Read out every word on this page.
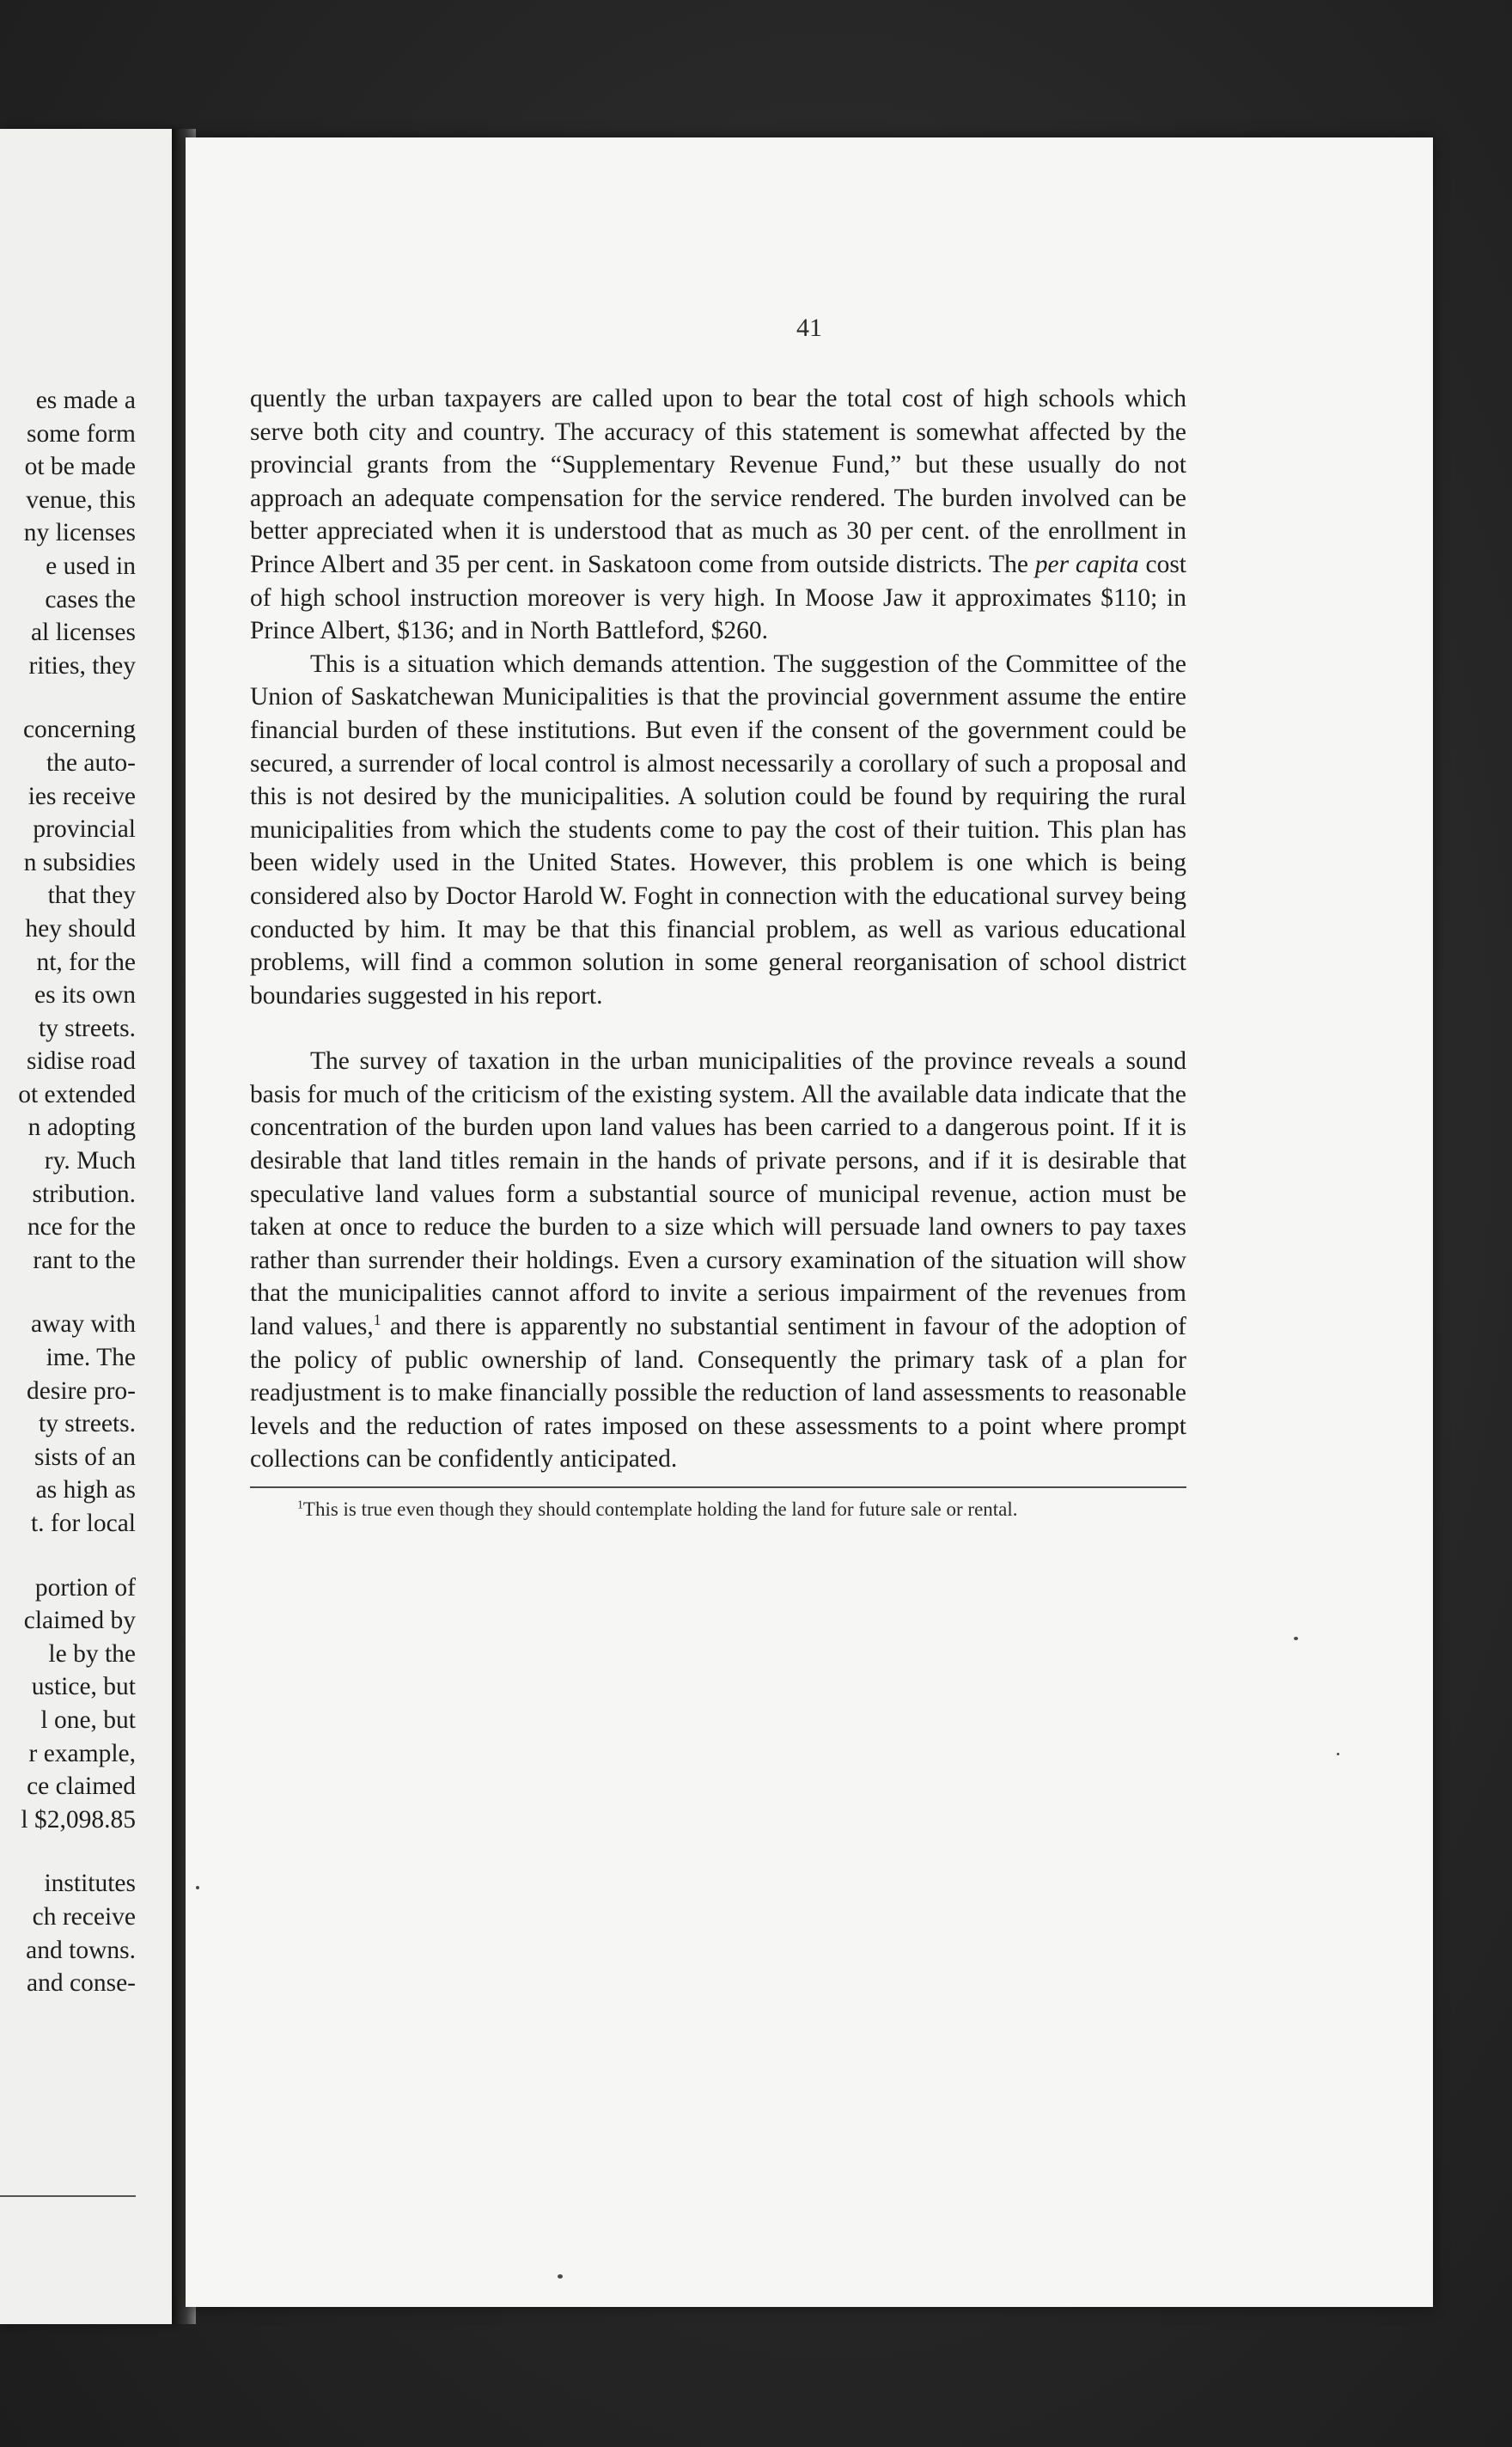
es made a
some form
ot be made
venue, this
ny licenses
e used in
cases the
al licenses
rities, they
concerning
the auto-
ies receive
provincial
n subsidies
that they
hey should
nt, for the
es its own
ty streets.
sidise road
ot extended
n adopting
ry. Much
stribution.
nce for the
rant to the
away with
ime. The
desire pro-
ty streets.
sists of an
as high as
t. for local
portion of
claimed by
le by the
ustice, but
l one, but
r example,
ce claimed
l $2,098.85
institutes
ch receive
and towns.
and conse-
41

quently the urban taxpayers are called upon to bear the total cost of high schools which serve both city and country. The accuracy of this statement is somewhat affected by the provincial grants from the “Supplementary Revenue Fund,” but these usually do not approach an adequate compensation for the service rendered. The burden involved can be better appreciated when it is understood that as much as 30 per cent. of the enrollment in Prince Albert and 35 per cent. in Saskatoon come from outside districts. The per capita cost of high school instruction moreover is very high. In Moose Jaw it approximates $110; in Prince Albert, $136; and in North Battleford, $260.

This is a situation which demands attention. The suggestion of the Committee of the Union of Saskatchewan Municipalities is that the provincial government assume the entire financial burden of these institutions. But even if the consent of the government could be secured, a surrender of local control is almost necessarily a corollary of such a proposal and this is not desired by the municipalities. A solution could be found by requiring the rural municipalities from which the students come to pay the cost of their tuition. This plan has been widely used in the United States. However, this problem is one which is being considered also by Doctor Harold W. Foght in connection with the educational survey being conducted by him. It may be that this financial problem, as well as various educational problems, will find a common solution in some general reorganisation of school district boundaries suggested in his report.

The survey of taxation in the urban municipalities of the province reveals a sound basis for much of the criticism of the existing system. All the available data indicate that the concentration of the burden upon land values has been carried to a dangerous point. If it is desirable that land titles remain in the hands of private persons, and if it is desirable that speculative land values form a substantial source of municipal revenue, action must be taken at once to reduce the burden to a size which will persuade land owners to pay taxes rather than surrender their holdings. Even a cursory examination of the situation will show that the municipalities cannot afford to invite a serious impairment of the revenues from land values,$^1$ and there is apparently no substantial sentiment in favour of the adoption of the policy of public ownership of land. Consequently the primary task of a plan for readjustment is to make financially possible the reduction of land assessments to reasonable levels and the reduction of rates imposed on these assessments to a point where prompt collections can be confidently anticipated.

$^1$This is true even though they should contemplate holding the land for future sale or rental.
